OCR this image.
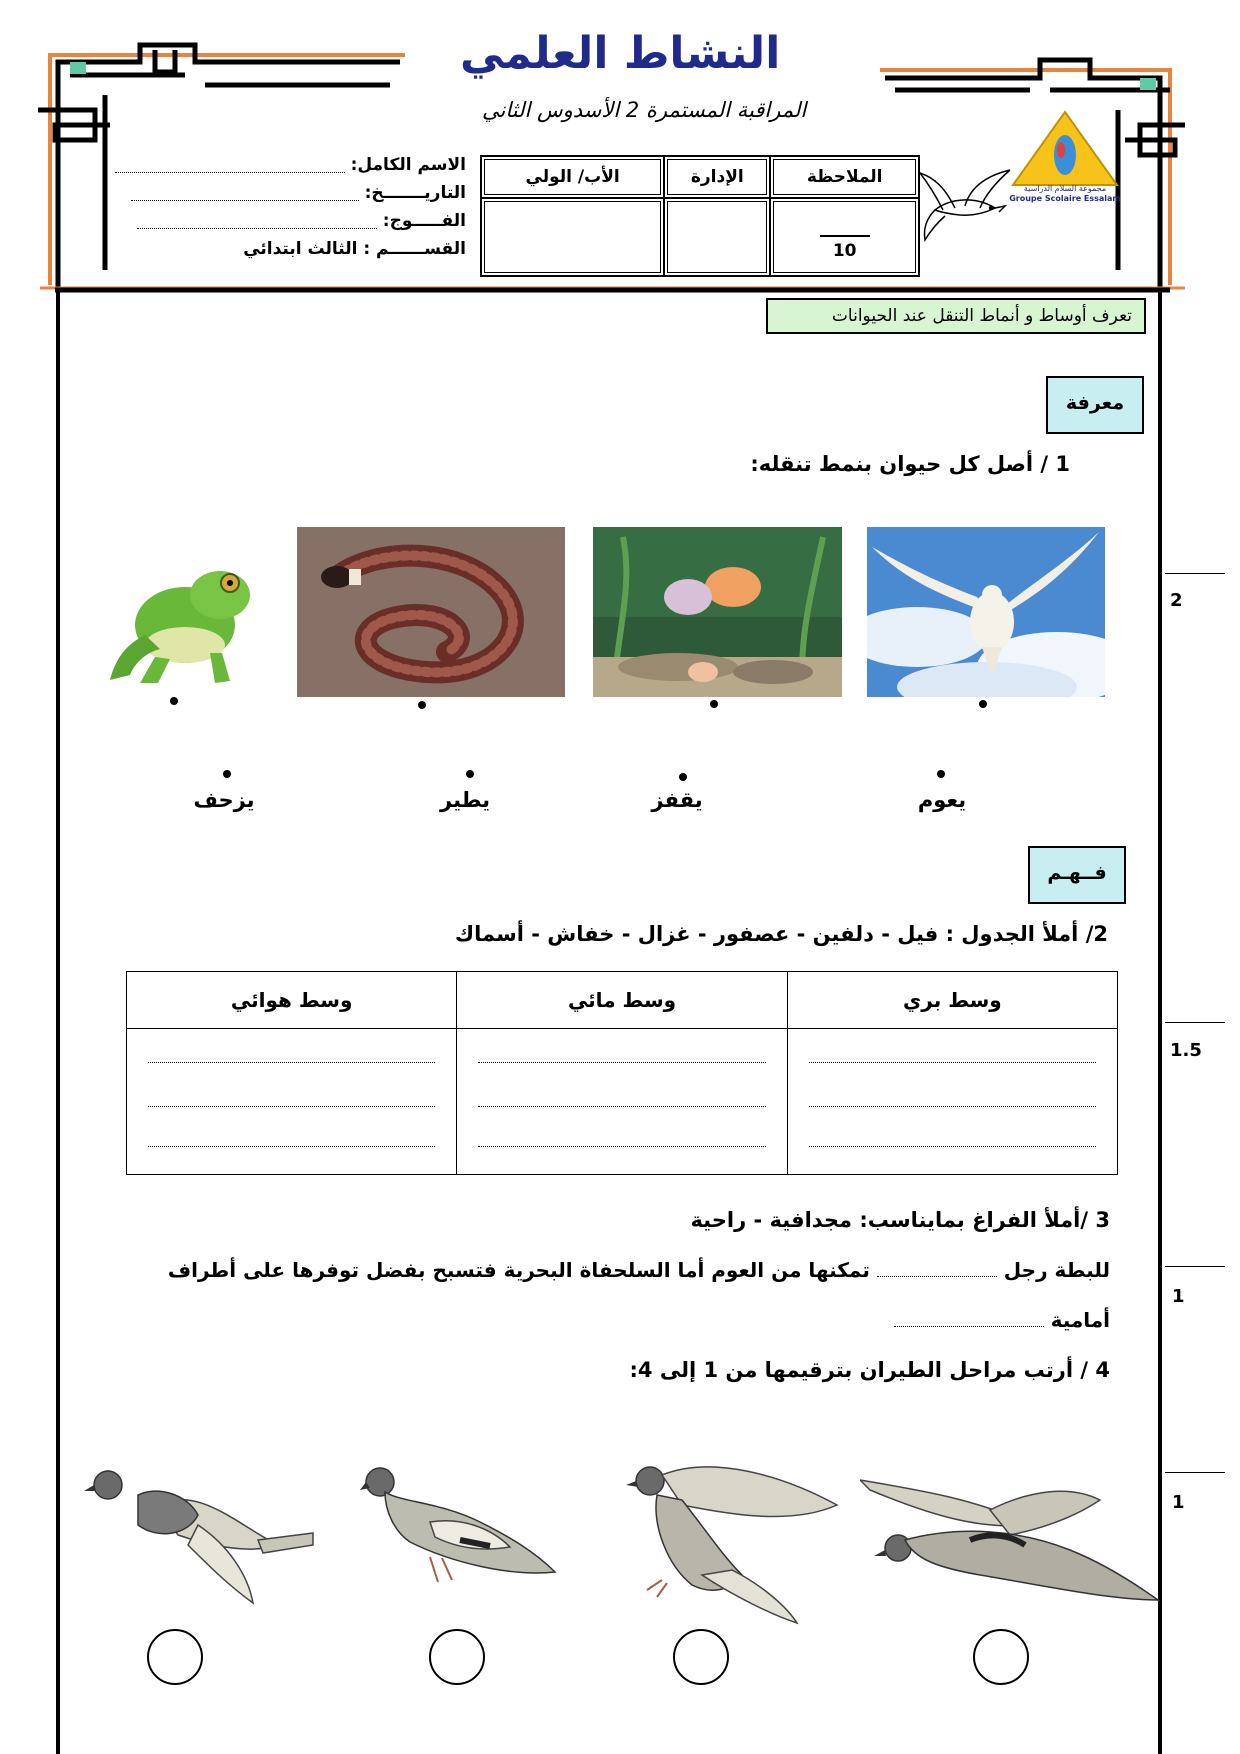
النشاط العلمي
المراقبة المستمرة 2 الأسدوس الثاني
مجموعة السلام الدراسية
Groupe Scolaire Essalam
الملاحظة	الإدارة	الأب/ الولي

10		

الاسم الكامل:
التاريـــــــخ:
الفـــــوج:
القســــــم : الثالث ابتدائي
تعرف أوساط و أنماط التنقل عند الحيوانات
معرفة
1 / أصل كل حيوان بنمط تنقله:
يعوم
يقفز
يطير
يزحف
فــهـم
2/ أملأ الجدول : فيل - دلفين - عصفور - غزال - خفاش - أسماك
وسط بري	وسط مائي	وسط هوائي

3 /أملأ الفراغ بمايناسب: مجدافية - راحية
للبطة رجل  تمكنها من العوم أما السلحفاة البحرية فتسبح بفضل توفرها على أطراف
أمامية
4 / أرتب مراحل الطيران بترقيمها من 1 إلى 4:
2
1.5
1
1
